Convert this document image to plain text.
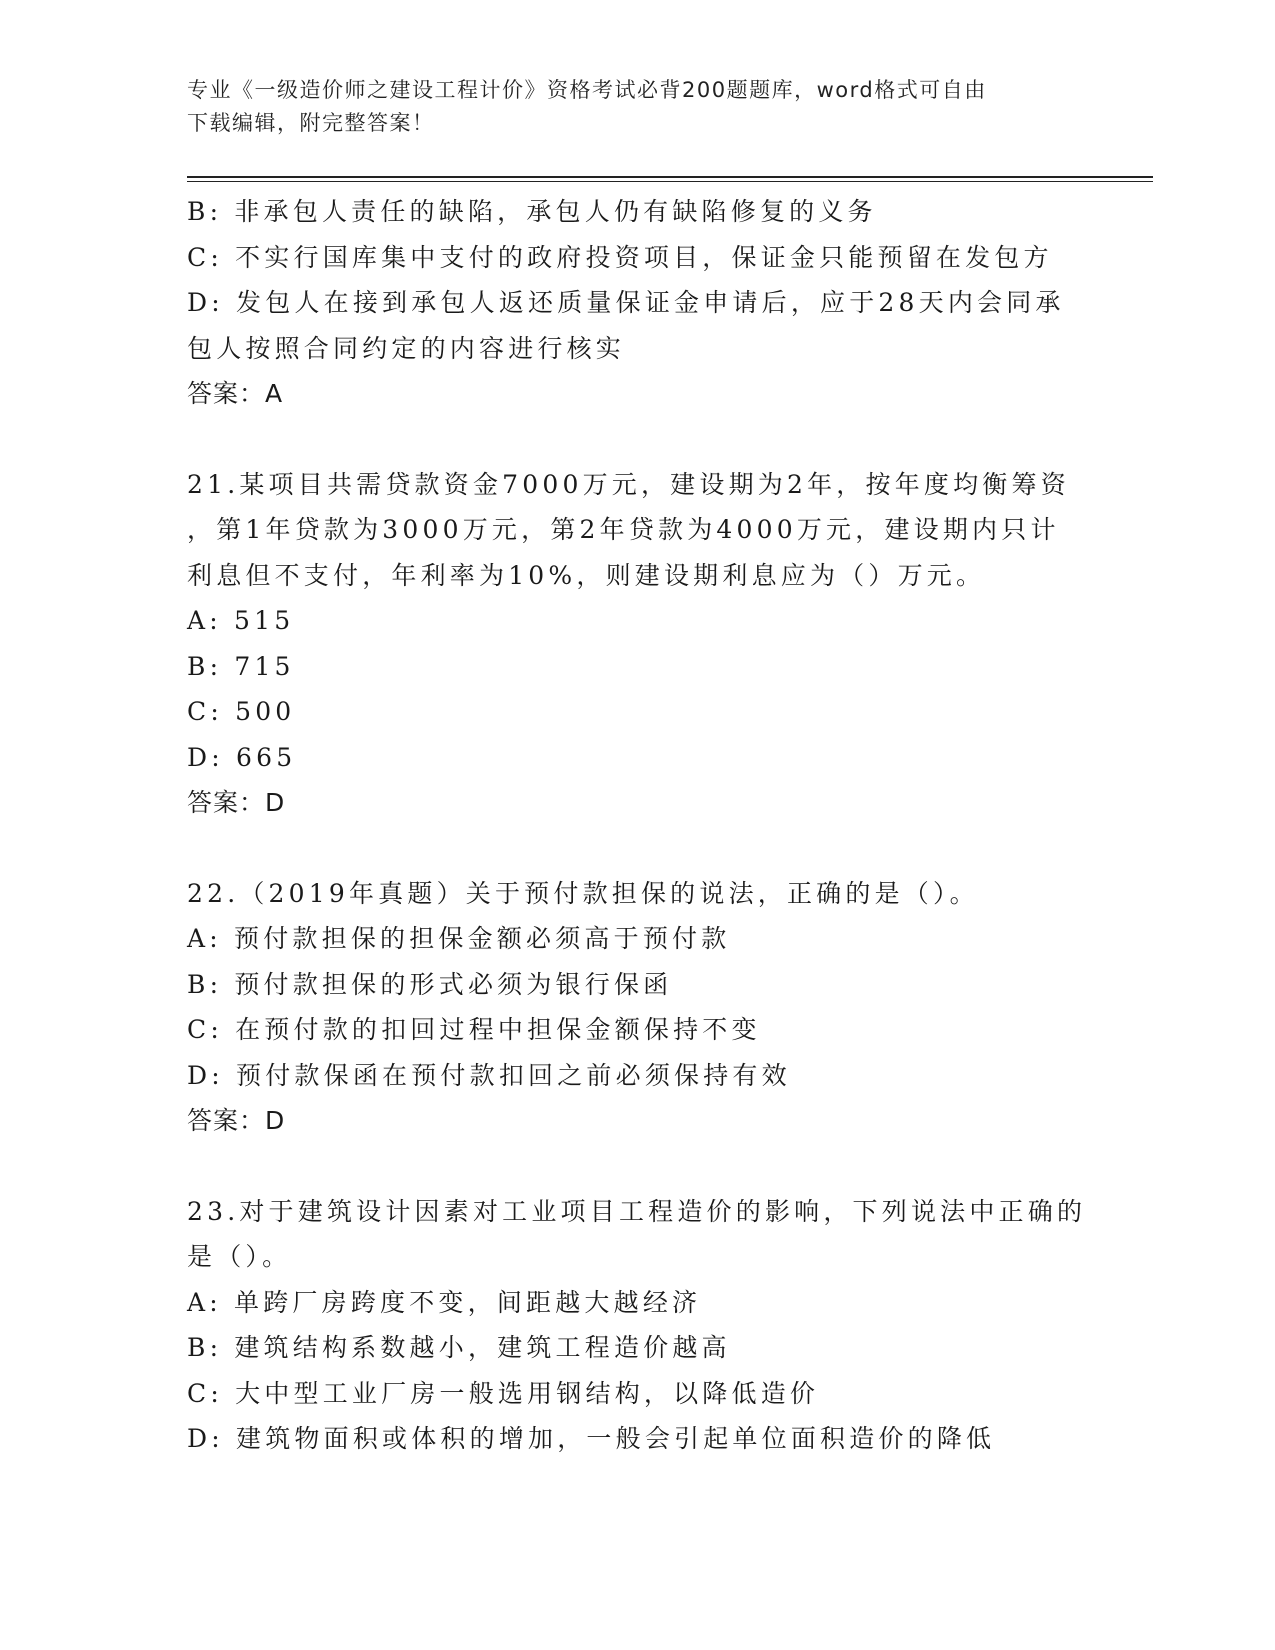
专业《一级造价师之建设工程计价》资格考试必背200题题库，word格式可自由
下载编辑，附完整答案！
B: 非承包人责任的缺陷，承包人仍有缺陷修复的义务
C: 不实行国库集中支付的政府投资项目，保证金只能预留在发包方
D: 发包人在接到承包人返还质量保证金申请后，应于28天内会同承
包人按照合同约定的内容进行核实
答案：A
21.某项目共需贷款资金7000万元，建设期为2年，按年度均衡筹资
，第1年贷款为3000万元，第2年贷款为4000万元，建设期内只计
利息但不支付，年利率为10%，则建设期利息应为（）万元。
A: 515
B: 715
C: 500
D: 665
答案：D
22.（2019年真题）关于预付款担保的说法，正确的是（）。
A: 预付款担保的担保金额必须高于预付款
B: 预付款担保的形式必须为银行保函
C: 在预付款的扣回过程中担保金额保持不变
D: 预付款保函在预付款扣回之前必须保持有效
答案：D
23.对于建筑设计因素对工业项目工程造价的影响，下列说法中正确的
是（）。
A: 单跨厂房跨度不变，间距越大越经济
B: 建筑结构系数越小，建筑工程造价越高
C: 大中型工业厂房一般选用钢结构，以降低造价
D: 建筑物面积或体积的增加，一般会引起单位面积造价的降低
